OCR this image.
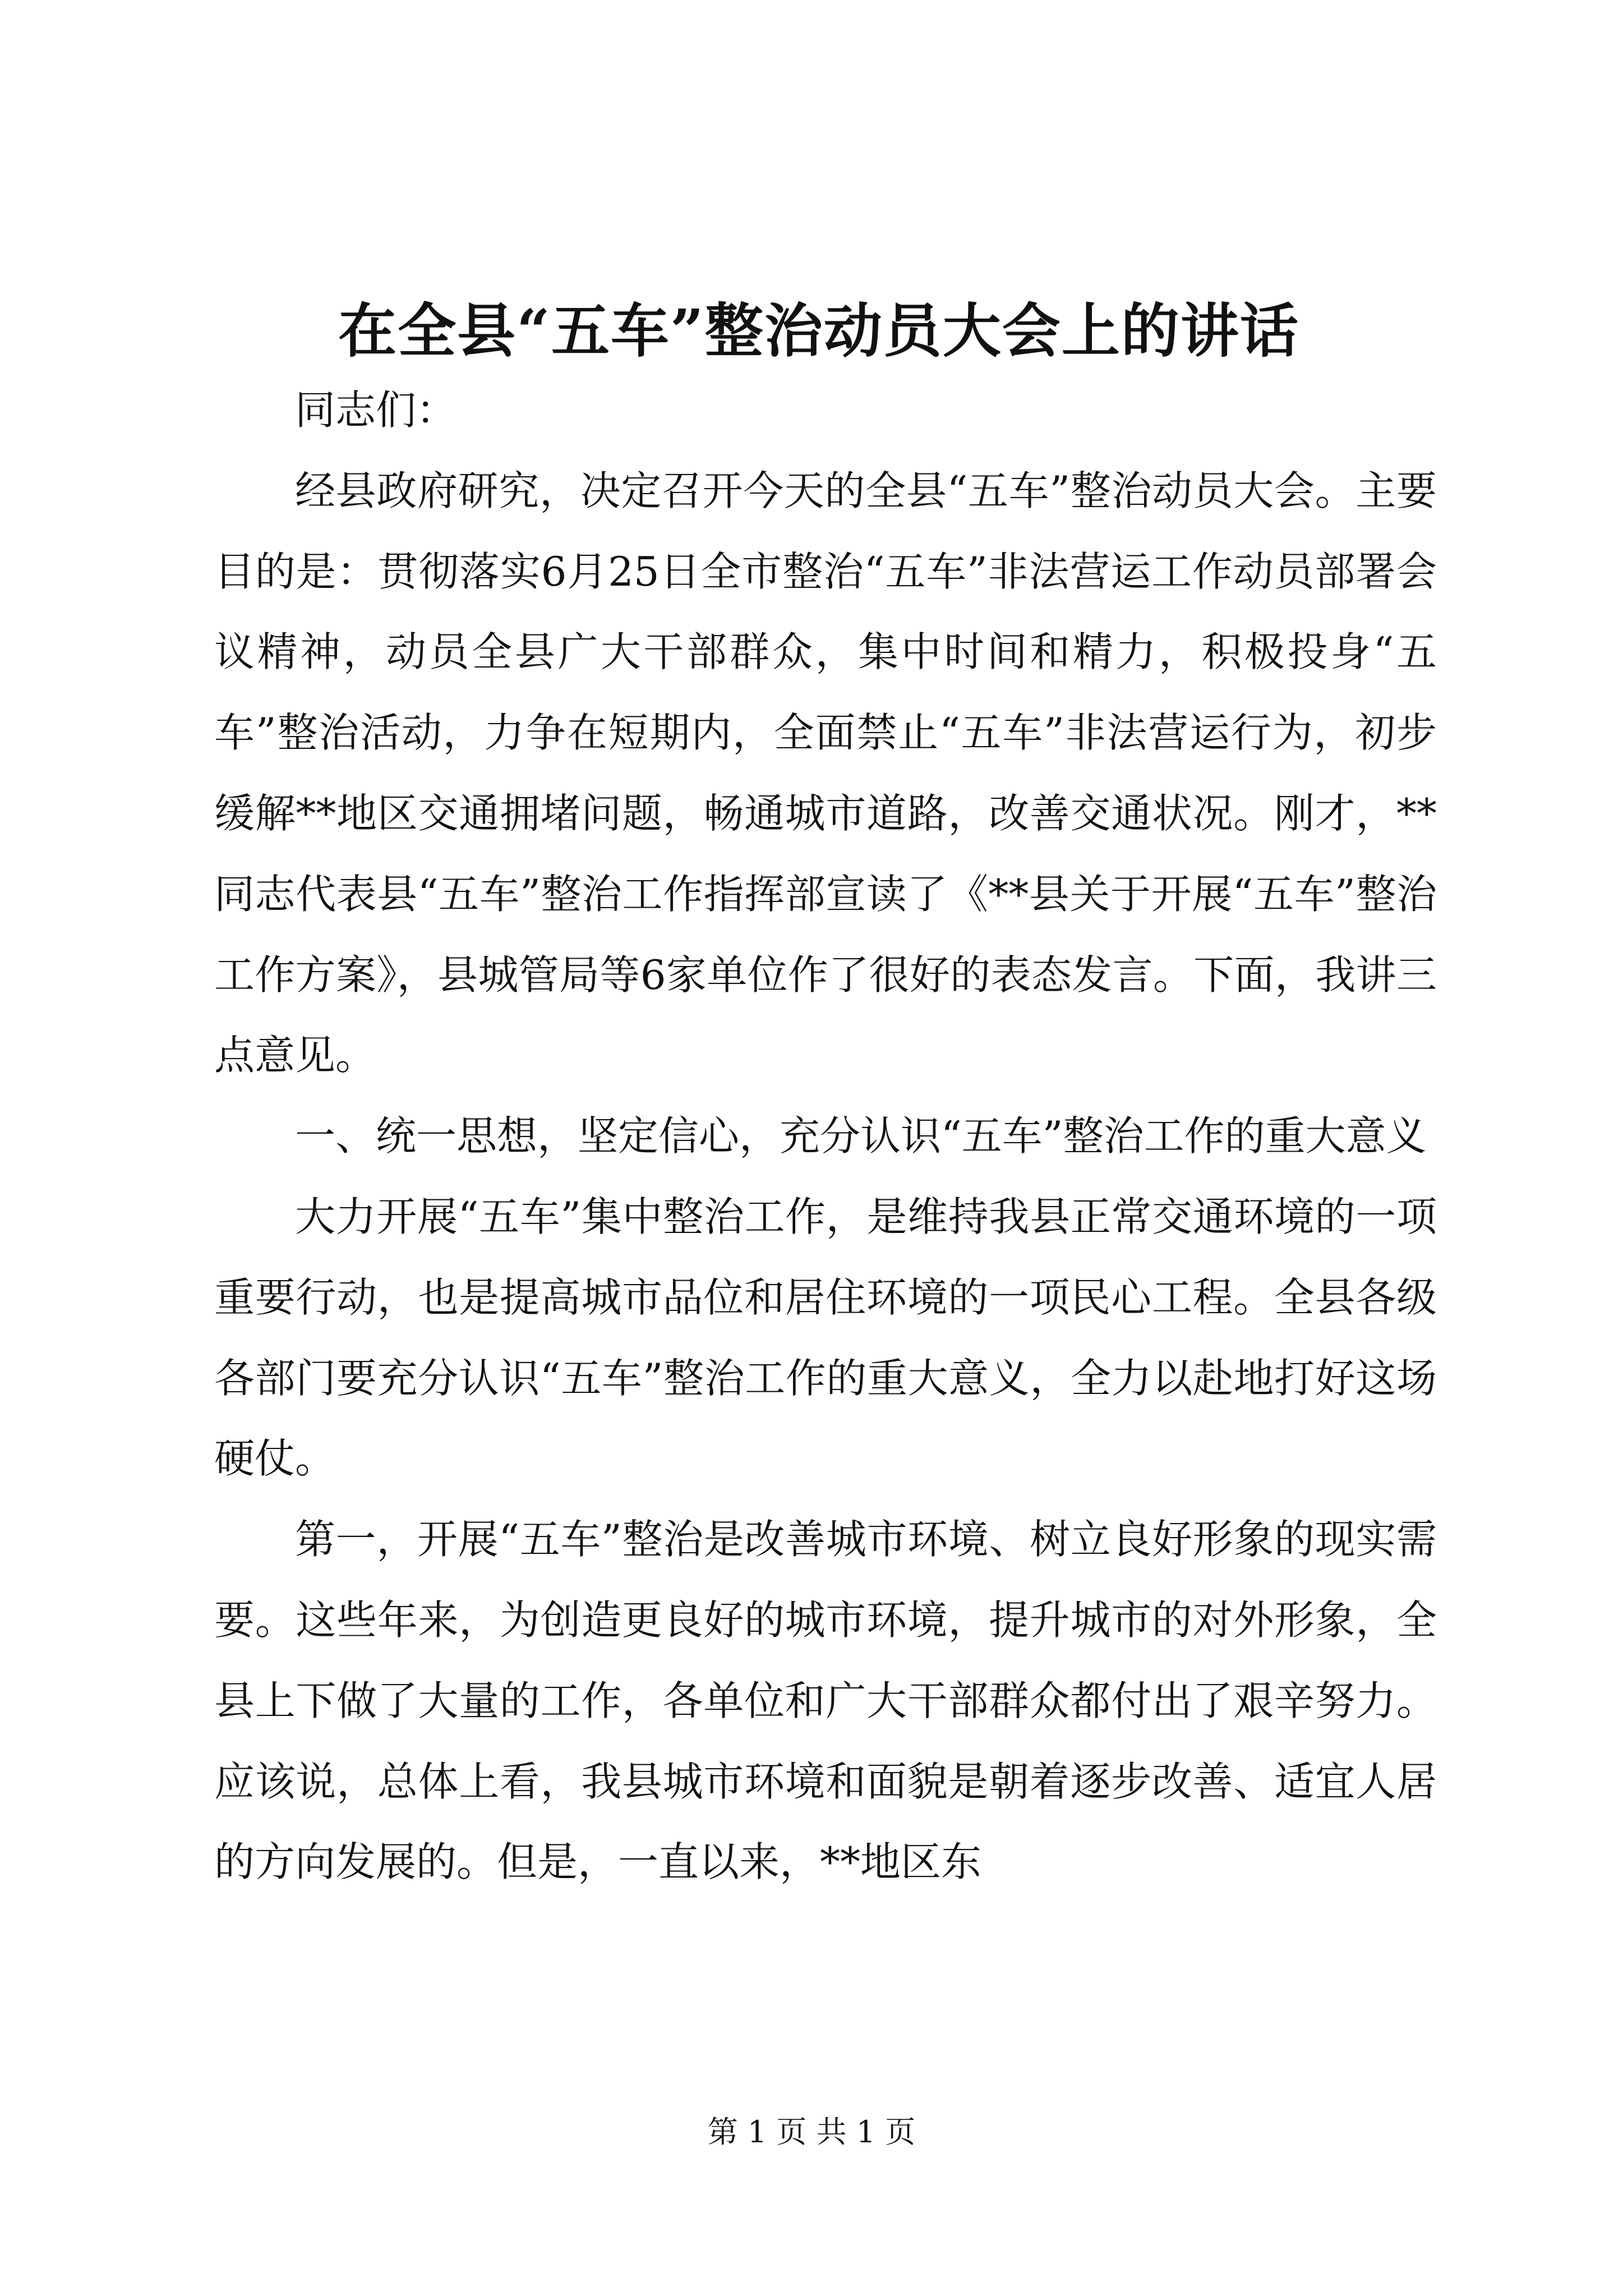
在全县“五车”整治动员大会上的讲话

同志们：

经县政府研究，决定召开今天的全县“五车”整治动员大会。主要目的是：贯彻落实6月25日全市整治“五车”非法营运工作动员部署会议精神，动员全县广大干部群众，集中时间和精力，积极投身“五车”整治活动，力争在短期内，全面禁止“五车”非法营运行为，初步缓解**地区交通拥堵问题，畅通城市道路，改善交通状况。刚才，**同志代表县“五车”整治工作指挥部宣读了《**县关于开展“五车”整治工作方案》，县城管局等6家单位作了很好的表态发言。下面，我讲三点意见。

一、统一思想，坚定信心，充分认识“五车”整治工作的重大意义

大力开展“五车”集中整治工作，是维持我县正常交通环境的一项重要行动，也是提高城市品位和居住环境的一项民心工程。全县各级各部门要充分认识“五车”整治工作的重大意义，全力以赴地打好这场硬仗。

第一，开展“五车”整治是改善城市环境、树立良好形象的现实需要。这些年来，为创造更良好的城市环境，提升城市的对外形象，全县上下做了大量的工作，各单位和广大干部群众都付出了艰辛努力。应该说，总体上看，我县城市环境和面貌是朝着逐步改善、适宜人居的方向发展的。但是，一直以来，**地区东

第 1 页 共 1 页
